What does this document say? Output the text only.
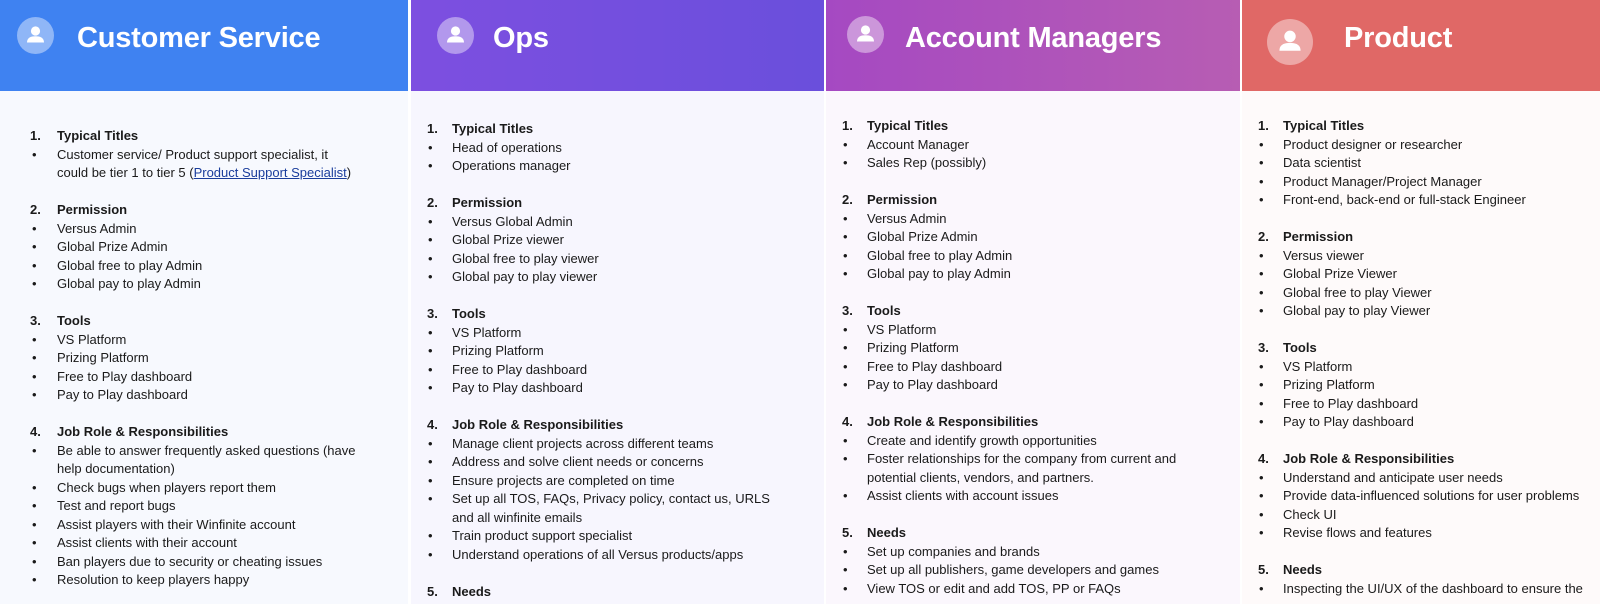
Customer Service
1. Typical Titles
• Customer service/ Product support specialist, it could be tier 1 to tier 5 (Product Support Specialist)
2. Permission
• Versus Admin
• Global Prize Admin
• Global free to play Admin
• Global pay to play Admin
3. Tools
• VS Platform
• Prizing Platform
• Free to Play dashboard
• Pay to Play dashboard
4. Job Role & Responsibilities
• Be able to answer frequently asked questions (have help documentation)
• Check bugs when players report them
• Test and report bugs
• Assist players with their Winfinite account
• Assist clients with their account
• Ban players due to security or cheating issues
• Resolution to keep players happy
Ops
1. Typical Titles
• Head of operations
• Operations manager
2. Permission
• Versus Global Admin
• Global Prize viewer
• Global free to play viewer
• Global pay to play viewer
3. Tools
• VS Platform
• Prizing Platform
• Free to Play dashboard
• Pay to Play dashboard
4. Job Role & Responsibilities
• Manage client projects across different teams
• Address and solve client needs or concerns
• Ensure projects are completed on time
• Set up all TOS, FAQs, Privacy policy, contact us, URLS and all winfinite emails
• Train product support specialist
• Understand operations of all Versus products/apps
5. Needs
Account Managers
1. Typical Titles
• Account Manager
• Sales Rep (possibly)
2. Permission
• Versus Admin
• Global Prize Admin
• Global free to play Admin
• Global pay to play Admin
3. Tools
• VS Platform
• Prizing Platform
• Free to Play dashboard
• Pay to Play dashboard
4. Job Role & Responsibilities
• Create and identify growth opportunities
• Foster relationships for the company from current and potential clients, vendors, and partners.
• Assist clients with account issues
5. Needs
• Set up companies and brands
• Set up all publishers, game developers and games
• View TOS or edit and add TOS, PP or FAQs
Product
1. Typical Titles
• Product designer or researcher
• Data scientist
• Product Manager/Project Manager
• Front-end, back-end or full-stack Engineer
2. Permission
• Versus viewer
• Global Prize Viewer
• Global free to play Viewer
• Global pay to play Viewer
3. Tools
• VS Platform
• Prizing Platform
• Free to Play dashboard
• Pay to Play dashboard
4. Job Role & Responsibilities
• Understand and anticipate user needs
• Provide data-influenced solutions for user problems
• Check UI
• Revise flows and features
5. Needs
• Inspecting the UI/UX of the dashboard to ensure the
